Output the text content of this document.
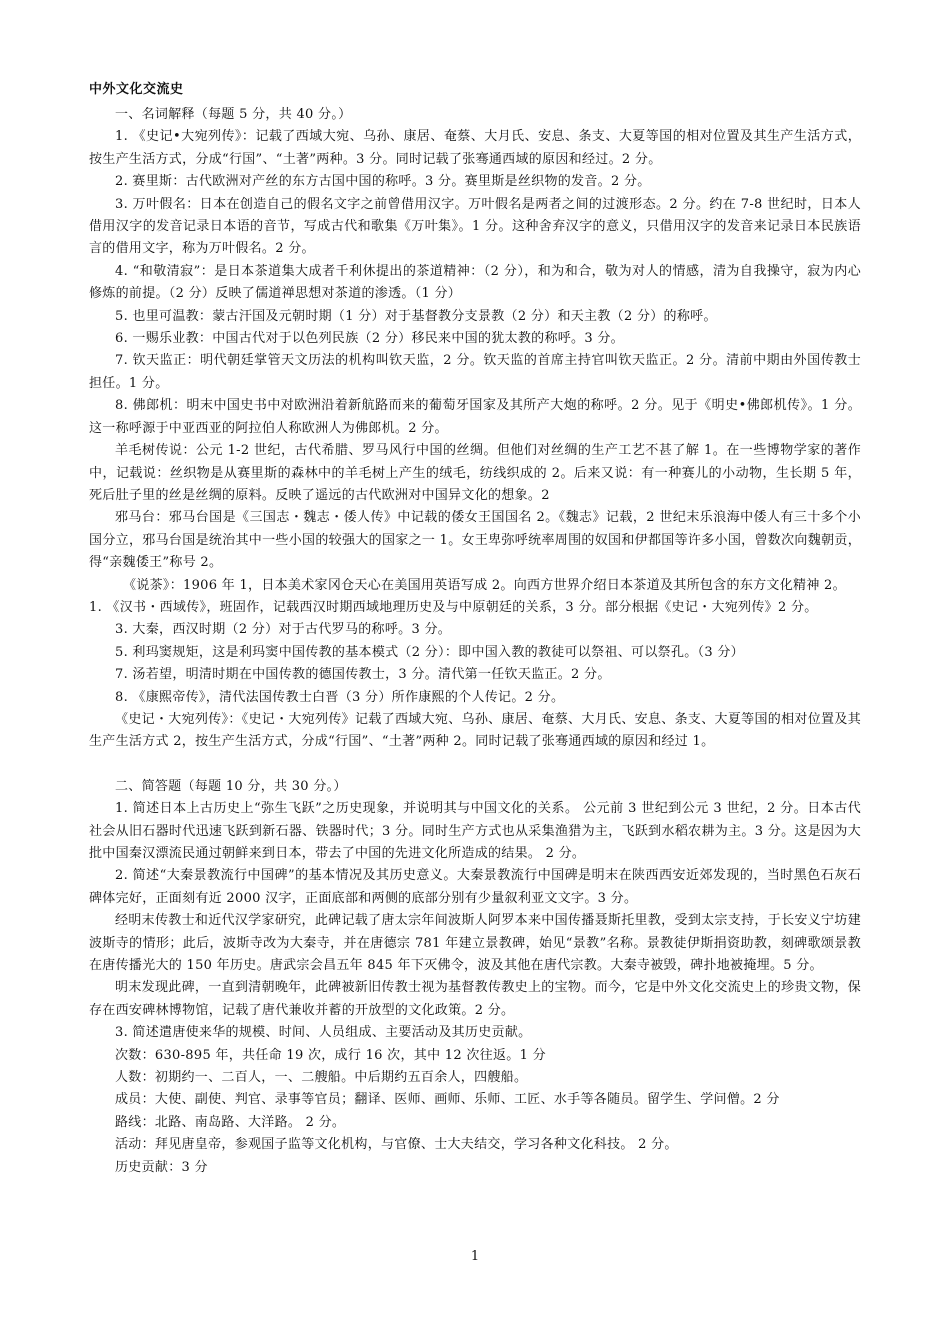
中外文化交流史

一、名词解释（每题 5 分，共 40 分。）

1. 《史记•大宛列传》：记载了西域大宛、乌孙、康居、奄蔡、大月氏、安息、条支、大夏等国的相对位置及其生产生活方式，按生产生活方式，分成“行国”、“土著”两种。3 分。同时记载了张骞通西域的原因和经过。2 分。

2. 赛里斯：古代欧洲对产丝的东方古国中国的称呼。3 分。赛里斯是丝织物的发音。2 分。

3. 万叶假名：日本在创造自己的假名文字之前曾借用汉字。万叶假名是两者之间的过渡形态。2 分。约在 7-8 世纪时，日本人借用汉字的发音记录日本语的音节，写成古代和歌集《万叶集》。1 分。这种舍弃汉字的意义，只借用汉字的发音来记录日本民族语言的借用文字，称为万叶假名。2 分。

4. “和敬清寂”：是日本茶道集大成者千利休提出的茶道精神：（2 分），和为和合，敬为对人的情感，清为自我操守，寂为内心修炼的前提。（2 分）反映了儒道禅思想对茶道的渗透。（1 分）

5. 也里可温教：蒙古汗国及元朝时期（1 分）对于基督教分支景教（2 分）和天主教（2 分）的称呼。

6. 一赐乐业教：中国古代对于以色列民族（2 分）移民来中国的犹太教的称呼。3 分。

7. 钦天监正：明代朝廷掌管天文历法的机构叫钦天监，2 分。钦天监的首席主持官叫钦天监正。2 分。清前中期由外国传教士担任。1 分。

8. 佛郎机：明末中国史书中对欧洲沿着新航路而来的葡萄牙国家及其所产大炮的称呼。2 分。见于《明史•佛郎机传》。1 分。这一称呼源于中亚西亚的阿拉伯人称欧洲人为佛郎机。2 分。

羊毛树传说：公元 1-2 世纪，古代希腊、罗马风行中国的丝绸。但他们对丝绸的生产工艺不甚了解 1。在一些博物学家的著作中，记载说：丝织物是从赛里斯的森林中的羊毛树上产生的绒毛，纺线织成的 2。后来又说：有一种赛儿的小动物，生长期 5 年，死后肚子里的丝是丝绸的原料。反映了遥远的古代欧洲对中国异文化的想象。2

邪马台：邪马台国是《三国志・魏志・倭人传》中记载的倭女王国国名 2。《魏志》记载，2 世纪末乐浪海中倭人有三十多个小国分立，邪马台国是统治其中一些小国的较强大的国家之一 1。女王卑弥呼统率周围的奴国和伊都国等许多小国，曾数次向魏朝贡，得“亲魏倭王”称号 2。

《说茶》：1906 年 1，日本美术家冈仓天心在美国用英语写成 2。向西方世界介绍日本茶道及其所包含的东方文化精神 2。

1. 《汉书・西域传》，班固作，记载西汉时期西域地理历史及与中原朝廷的关系，3 分。部分根据《史记・大宛列传》2 分。

3. 大秦，西汉时期（2 分）对于古代罗马的称呼。3 分。

5. 利玛窦规矩，这是利玛窦中国传教的基本模式（2 分）：即中国入教的教徒可以祭祖、可以祭孔。（3 分）

7. 汤若望，明清时期在中国传教的德国传教士，3 分。清代第一任钦天监正。2 分。

8. 《康熙帝传》，清代法国传教士白晋（3 分）所作康熙的个人传记。2 分。

《史记・大宛列传》：《史记・大宛列传》记载了西域大宛、乌孙、康居、奄蔡、大月氏、安息、条支、大夏等国的相对位置及其生产生活方式 2，按生产生活方式，分成“行国”、“土著”两种 2。同时记载了张骞通西域的原因和经过 1。

二、简答题（每题 10 分，共 30 分。）

1. 简述日本上古历史上“弥生飞跃”之历史现象，并说明其与中国文化的关系。 公元前 3 世纪到公元 3 世纪，2 分。日本古代社会从旧石器时代迅速飞跃到新石器、铁器时代；3 分。同时生产方式也从采集渔猎为主，飞跃到水稻农耕为主。3 分。这是因为大批中国秦汉漂流民通过朝鲜来到日本，带去了中国的先进文化所造成的结果。 2 分。

2. 简述“大秦景教流行中国碑”的基本情况及其历史意义。大秦景教流行中国碑是明末在陕西西安近郊发现的，当时黑色石灰石碑体完好，正面刻有近 2000 汉字，正面底部和两侧的底部分别有少量叙利亚文文字。3 分。

经明末传教士和近代汉学家研究，此碑记载了唐太宗年间波斯人阿罗本来中国传播聂斯托里教，受到太宗支持，于长安义宁坊建波斯寺的情形；此后，波斯寺改为大秦寺，并在唐德宗 781 年建立景教碑，始见“景教”名称。景教徒伊斯捐资助教，刻碑歌颂景教在唐传播光大的 150 年历史。唐武宗会昌五年 845 年下灭佛令，波及其他在唐代宗教。大秦寺被毁，碑扑地被掩埋。5 分。

明末发现此碑，一直到清朝晚年，此碑被新旧传教士视为基督教传教史上的宝物。而今，它是中外文化交流史上的珍贵文物，保存在西安碑林博物馆，记载了唐代兼收并蓄的开放型的文化政策。2 分。

3. 简述遣唐使来华的规模、时间、人员组成、主要活动及其历史贡献。

次数：630-895 年，共任命 19 次，成行 16 次，其中 12 次往返。1 分

人数：初期约一、二百人，一、二艘船。中后期约五百余人，四艘船。

成员：大使、副使、判官、录事等官员；翻译、医师、画师、乐师、工匠、水手等各随员。留学生、学问僧。2 分

路线：北路、南岛路、大洋路。 2 分。

活动：拜见唐皇帝，参观国子监等文化机构，与官僚、士大夫结交，学习各种文化科技。 2 分。

历史贡献：3 分

1
